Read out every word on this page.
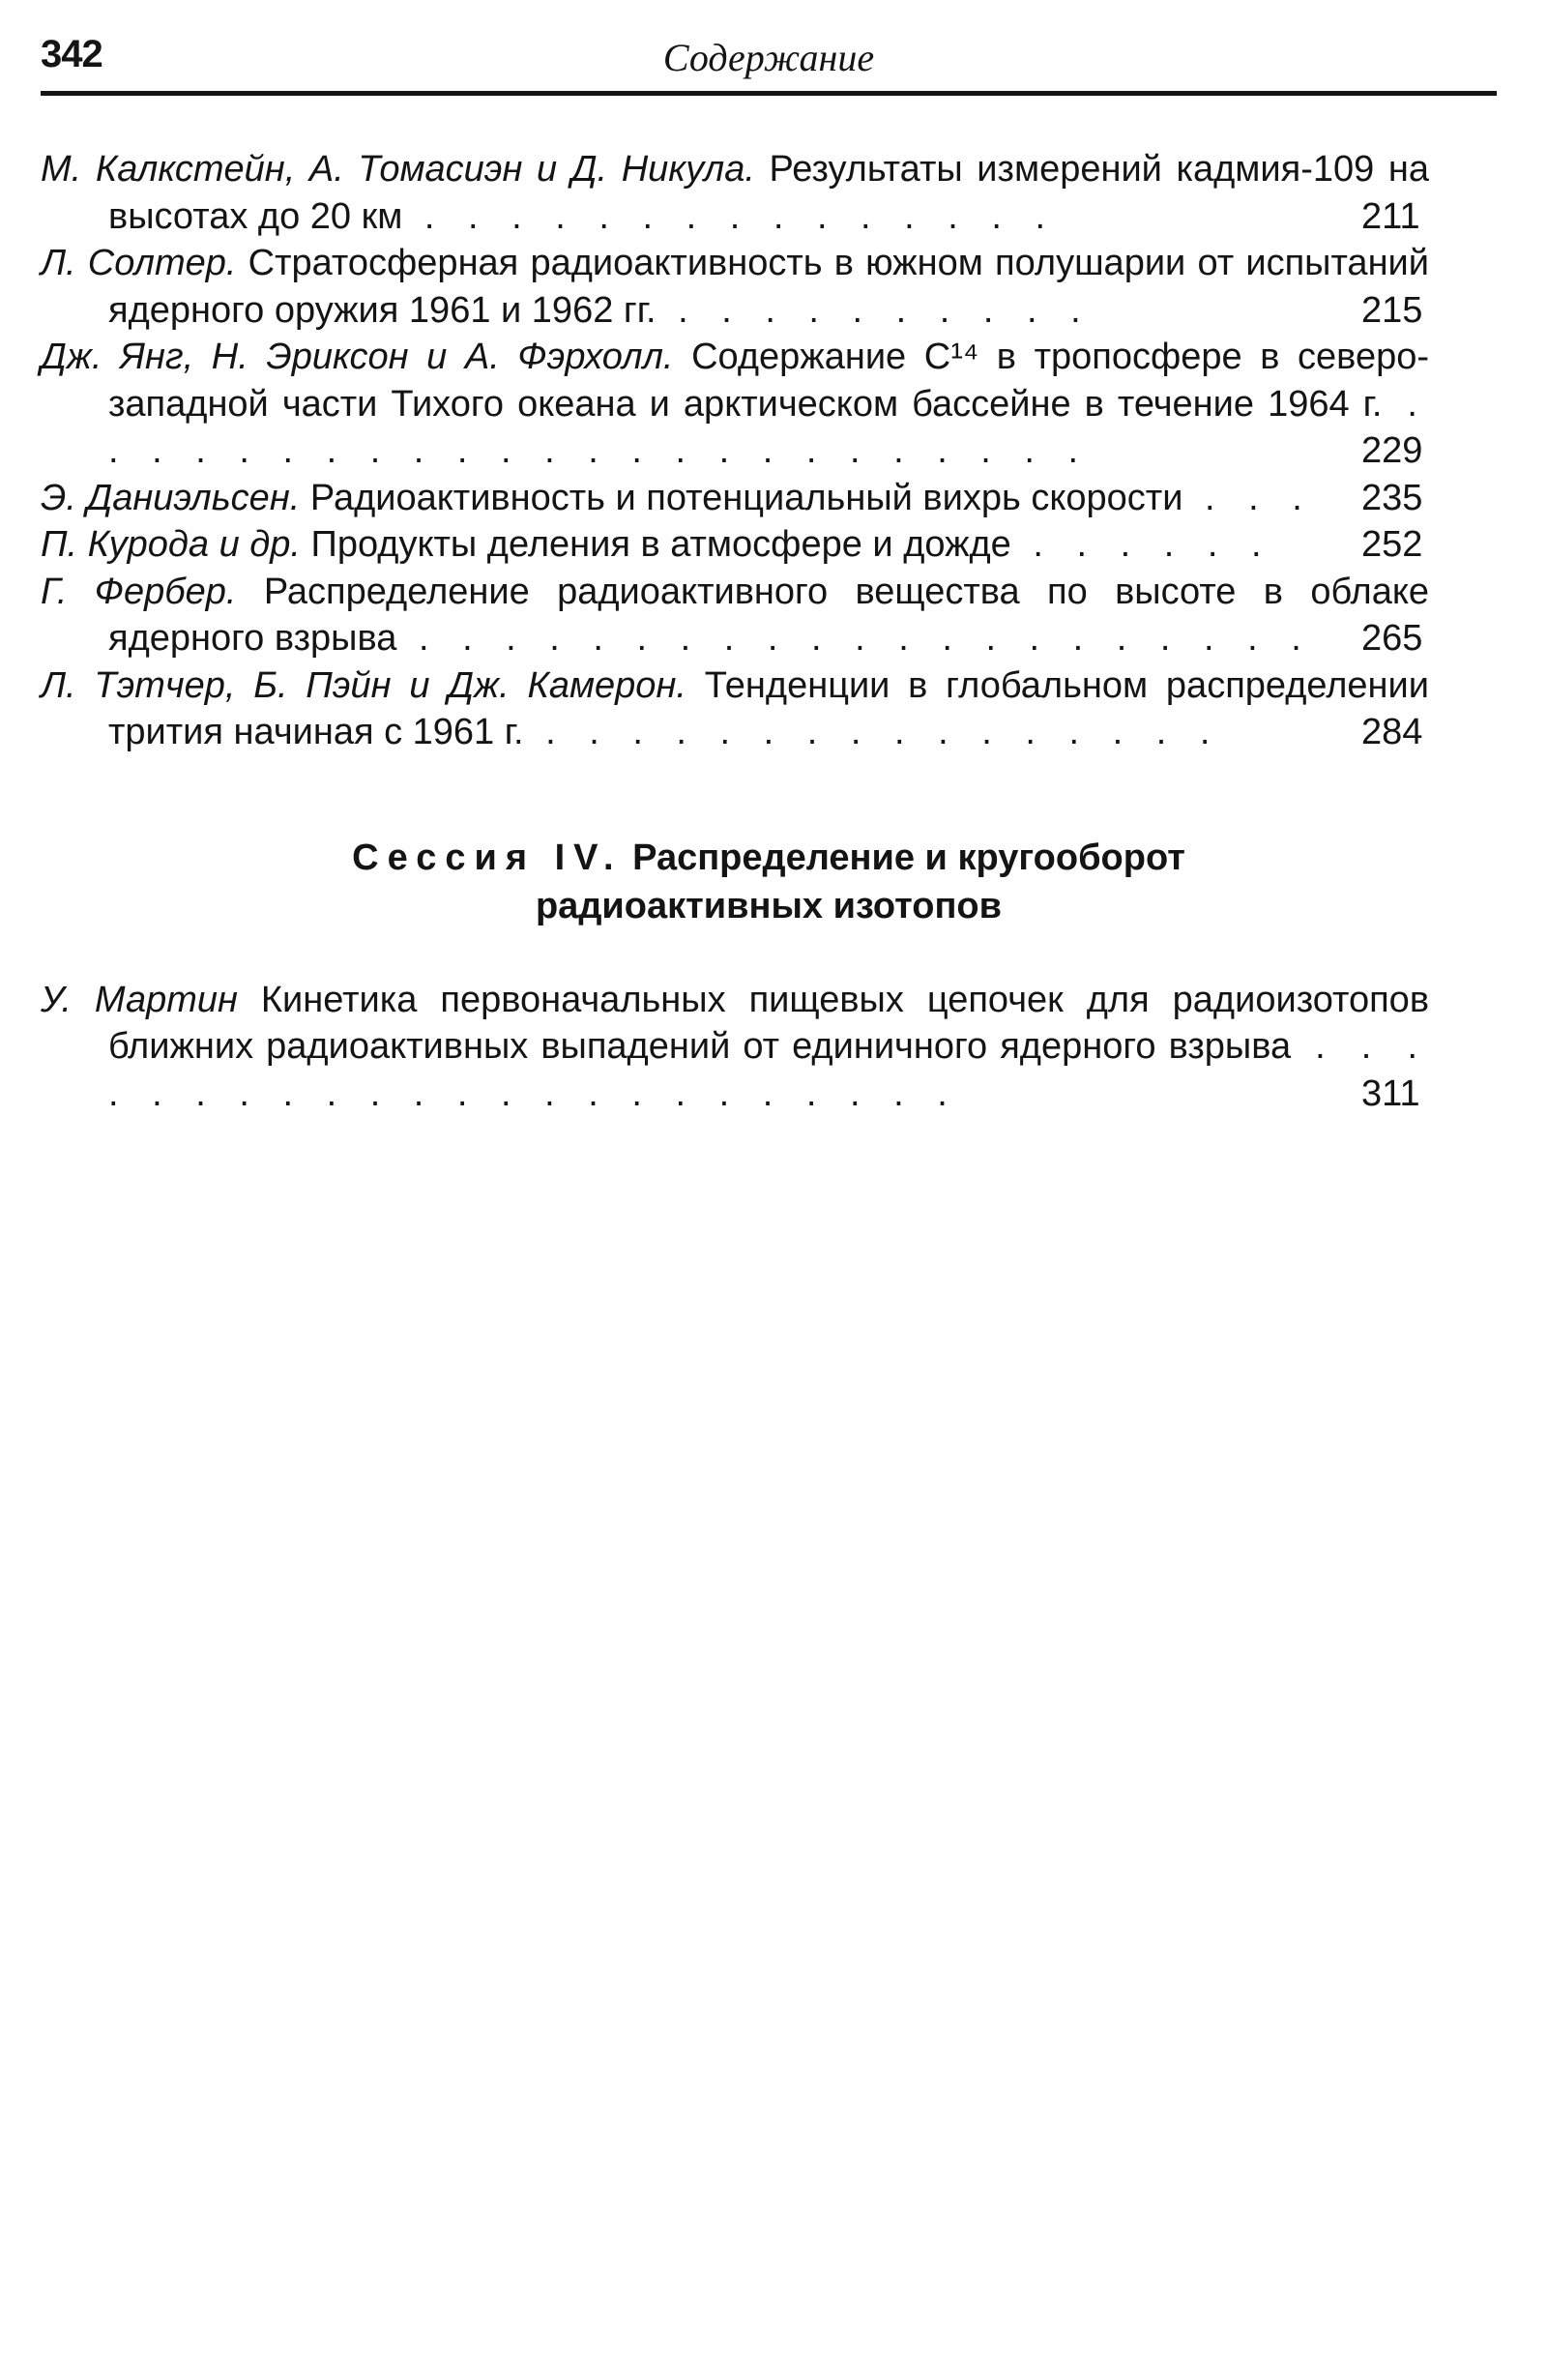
342	Содержание
М. Калкстейн, А. Томасиэн и Д. Никула. Результаты измерений кадмия-109 на высотах до 20 км . . . . . . . . . . . . . . .	211
Л. Солтер. Стратосферная радиоактивность в южном полушарии от испытаний ядерного оружия 1961 и 1962 гг. . . . . . . . . . .	215
Дж. Янг, Н. Эриксон и А. Фэрхолл. Содержание С¹⁴ в тропосфере в северо-западной части Тихого океана и арктическом бассейне в течение 1964 г. . . . . . . . . . . . . . . . . . . . . . . . .	229
Э. Даниэльсен. Радиоактивность и потенциальный вихрь скорости . . . 235
П. Курода и др. Продукты деления в атмосфере и дожде . . . . . . 252
Г. Фербер. Распределение радиоактивного вещества по высоте в облаке ядерного взрыва . . . . . . . . . . . . . . . . . . . . . 265
Л. Тэтчер, Б. Пэйн и Дж. Камерон. Тенденции в глобальном распределении трития начиная с 1961 г. . . . . . . . . . . . . . . . .	284
Сессия IV. Распределение и кругооборот
радиоактивных изотопов
У. Мартин Кинетика первоначальных пищевых цепочек для радиоизотопов ближних радиоактивных выпадений от единичного ядерного взрыва . . . . . . . . . . . . . . . . . . . . . . .	311
